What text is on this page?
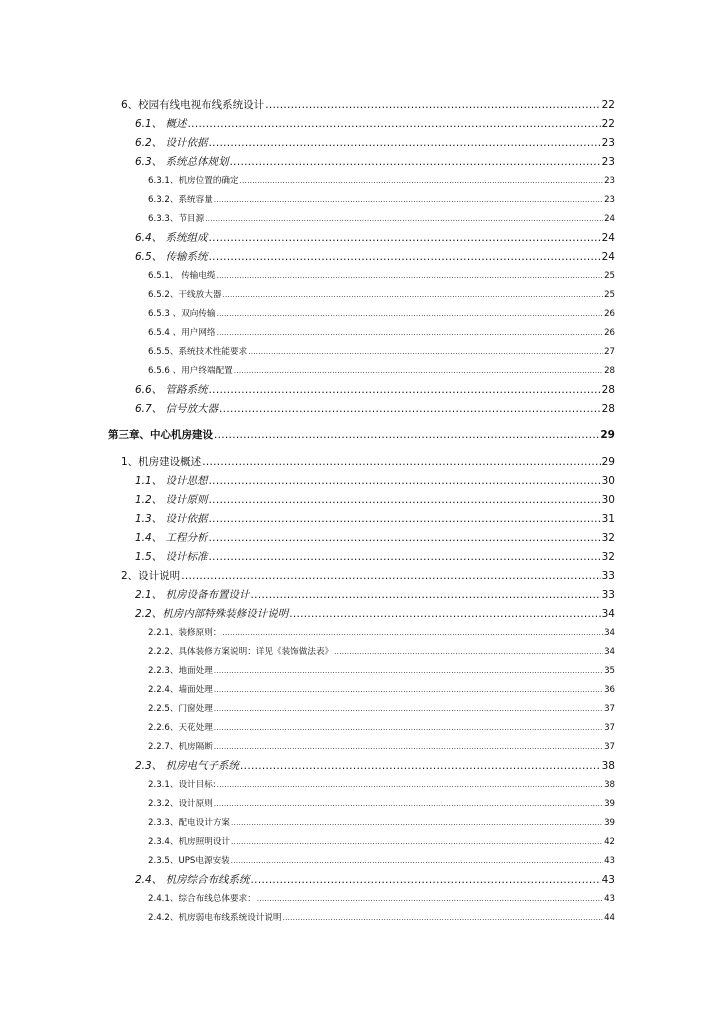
6、校园有线电视布线系统设计 .....	22
6.1、 概述 .....	22
6.2、 设计依据 .....	23
6.3、 系统总体规划 .....	23
6.3.1、机房位置的确定 .....	23
6.3.2、系统容量 .....	23
6.3.3、节目源 .....	24
6.4、 系统组成 .....	24
6.5、 传输系统 .....	24
6.5.1、 传输电缆 .....	25
6.5.2、干线放大器 .....	25
6.5.3 、双向传输 .....	26
6.5.4 、用户网络 .....	26
6.5.5、系统技术性能要求 .....	27
6.5.6 、用户终端配置 .....	28
6.6、 管路系统 .....	28
6.7、 信号放大器 .....	28
第三章、中心机房建设 .....	29
1、机房建设概述 .....	29
1.1、 设计思想 .....	30
1.2、 设计原则 .....	30
1.3、 设计依据 .....	31
1.4、 工程分析 .....	32
1.5、 设计标准 .....	32
2、设计说明 .....	33
2.1、 机房设备布置设计 .....	33
2.2、机房内部特殊装修设计说明 .....	34
2.2.1、装修原则： .....	34
2.2.2、具体装修方案说明：详见《装饰做法表》 .....	34
2.2.3、地面处理 .....	35
2.2.4、墙面处理 .....	36
2.2.5、门窗处理 .....	37
2.2.6、天花处理 .....	37
2.2.7、机房隔断 .....	37
2.3、 机房电气子系统 .....	38
2.3.1、设计目标: .....	38
2.3.2、设计原则 .....	39
2.3.3、配电设计方案 .....	39
2.3.4、机房照明设计 .....	42
2.3.5、UPS电源安装 .....	43
2.4、 机房综合布线系统 .....	43
2.4.1、综合布线总体要求： .....	43
2.4.2、机房弱电布线系统设计说明 .....	44
